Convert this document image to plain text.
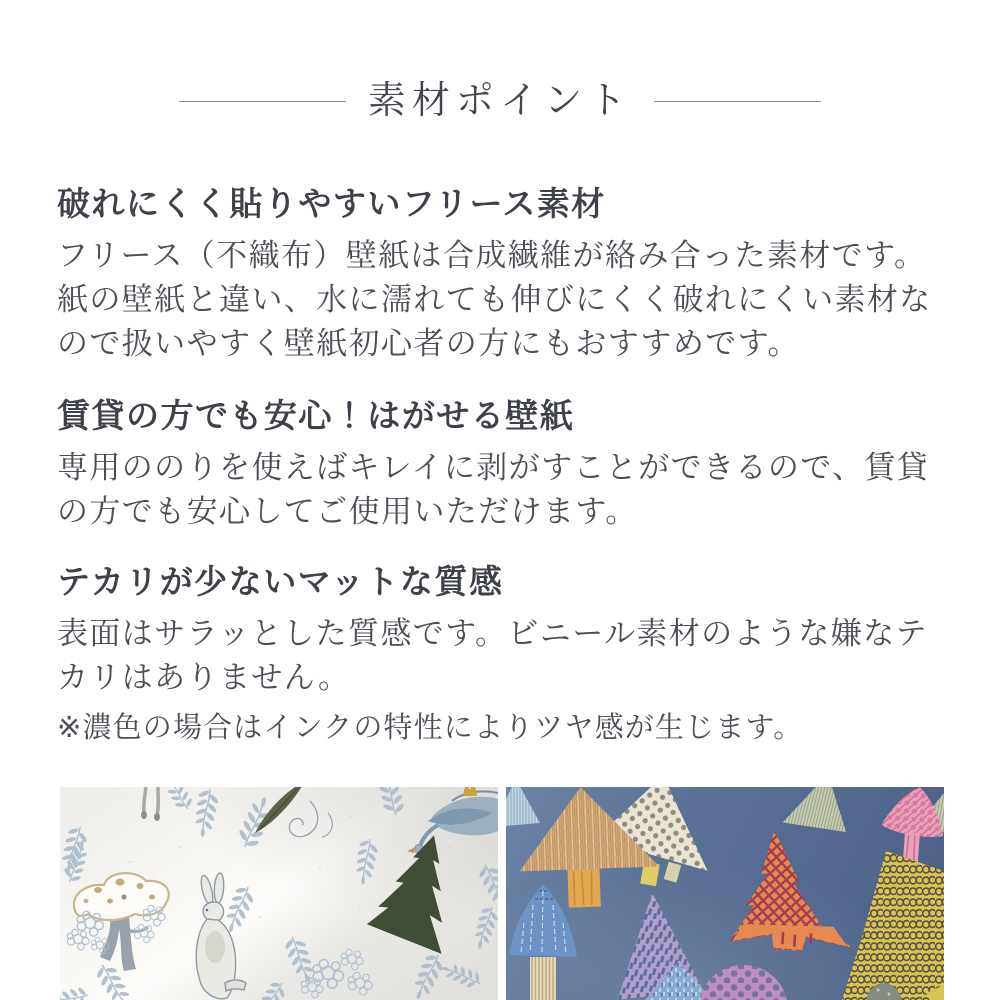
素材ポイント
破れにくく貼りやすいフリース素材

フリース（不織布）壁紙は合成繊維が絡み合った素材です。
紙の壁紙と違い、水に濡れても伸びにくく破れにくい素材な
ので扱いやすく壁紙初心者の方にもおすすめです。

賃貸の方でも安心！はがせる壁紙

専用ののりを使えばキレイに剥がすことができるので、賃貸
の方でも安心してご使用いただけます。

テカリが少ないマットな質感

表面はサラッとした質感です。ビニール素材のような嫌なテ
カリはありません。

※濃色の場合はインクの特性によりツヤ感が生じます。
